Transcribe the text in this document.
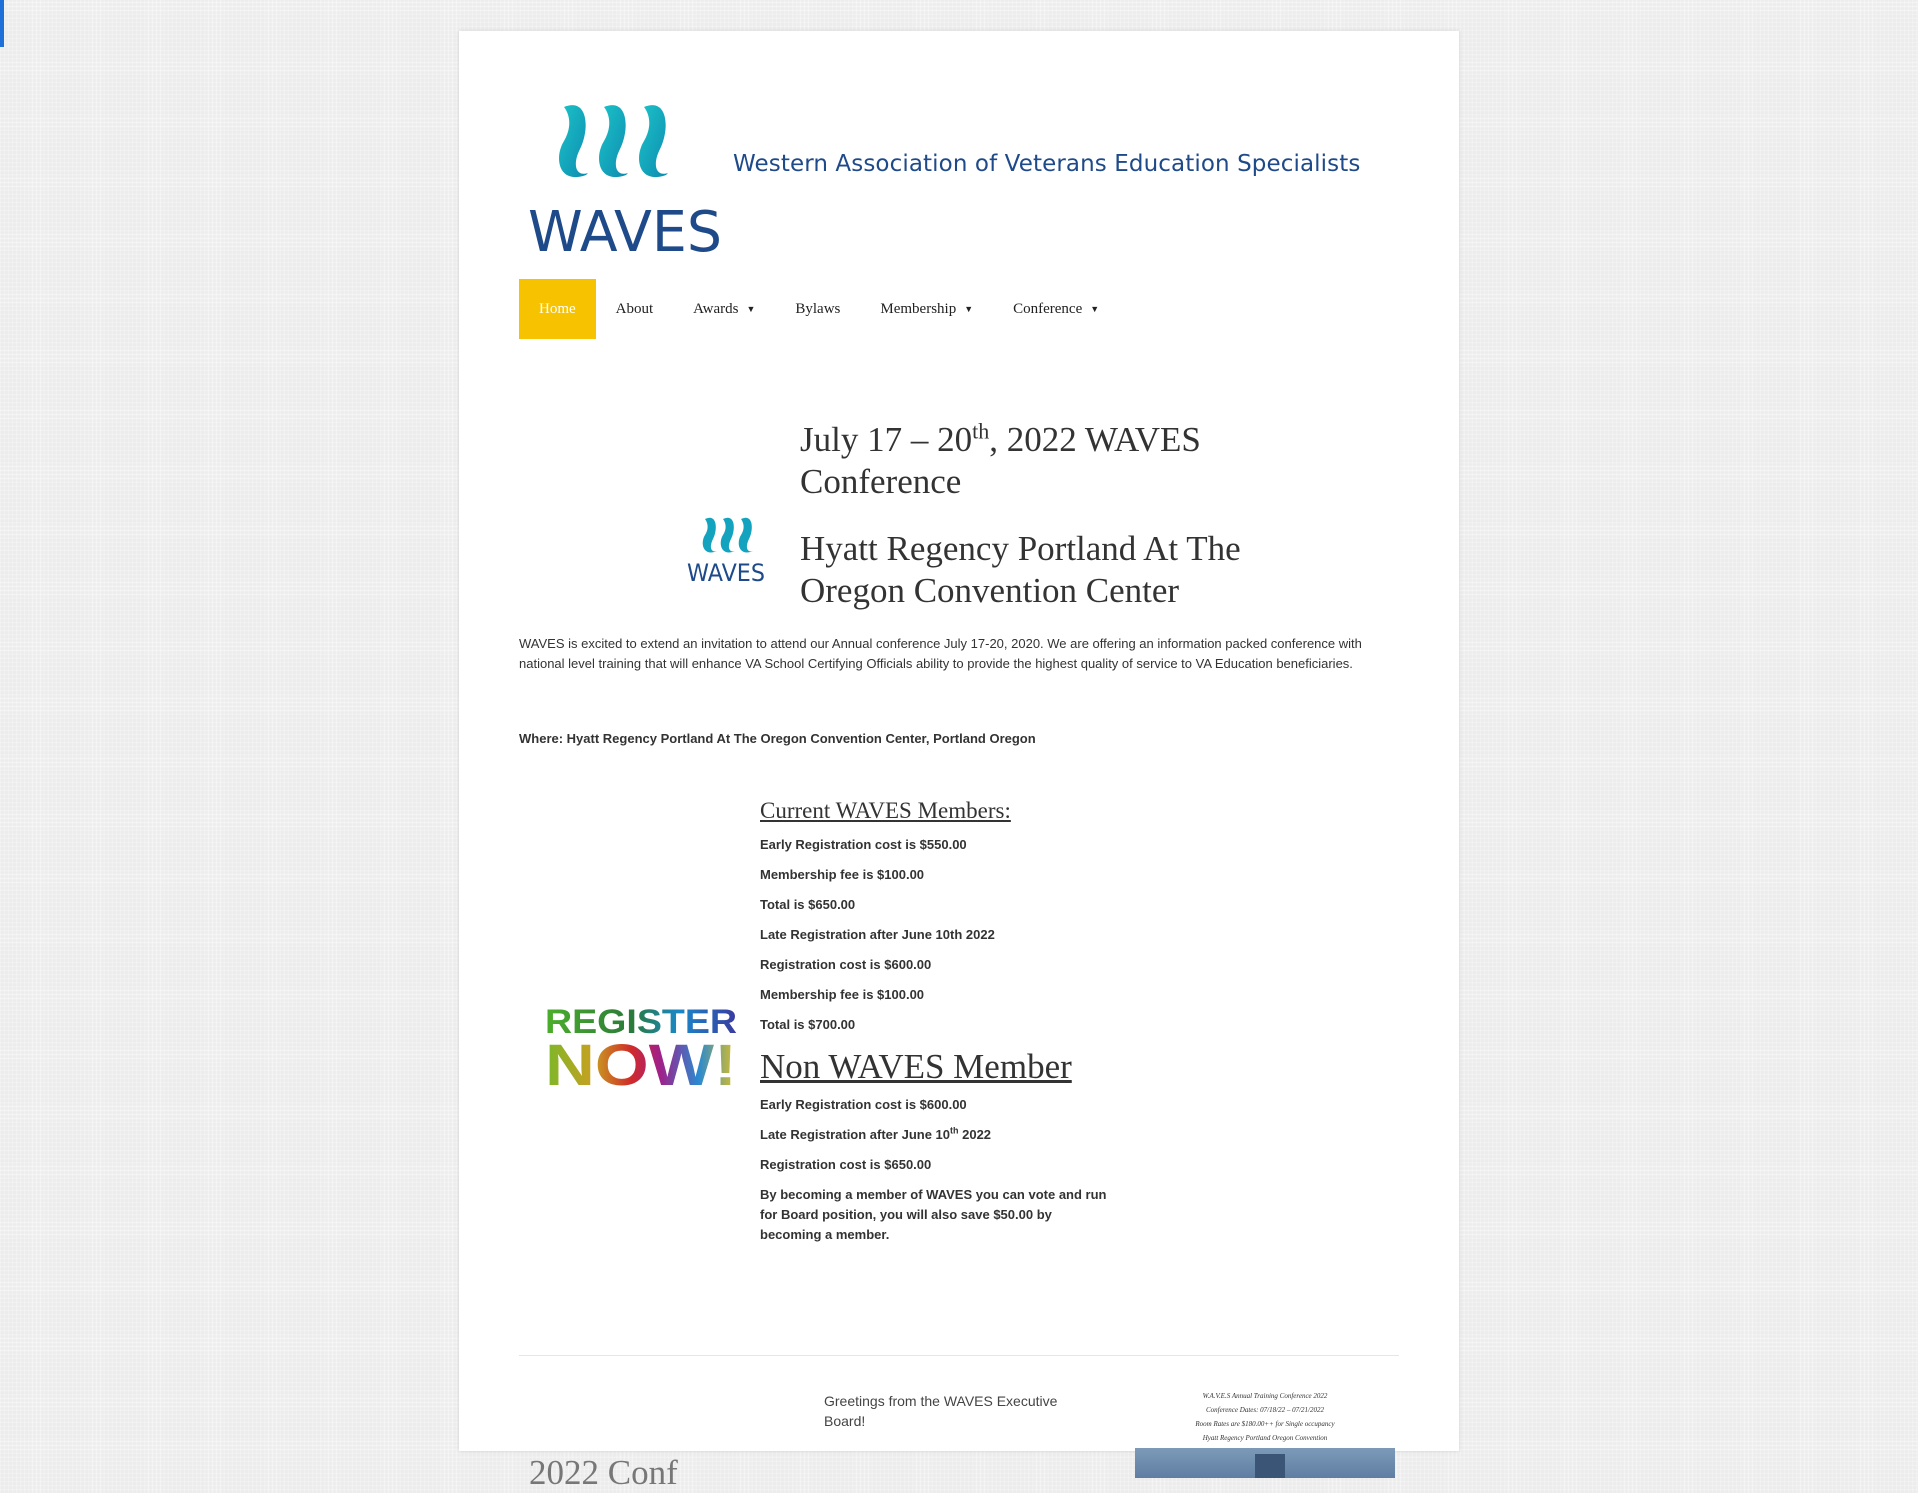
WAVES
Western Association of Veterans Education Specialists
Home	About	Awards ▼	Bylaws	Membership ▼	Conference ▼
WAVES
July 17 – 20th, 2022 WAVES Conference
Hyatt Regency Portland At The Oregon Convention Center

WAVES is excited to extend an invitation to attend our Annual conference July 17-20, 2020. We are offering an information packed conference with national level training that will enhance VA School Certifying Officials ability to provide the highest quality of service to VA Education beneficiaries.

Where: Hyatt Regency Portland At The Oregon Convention Center, Portland Oregon

REGISTER
NOW!
Current WAVES Members:

Early Registration cost is $550.00

Membership fee is $100.00

Total is $650.00

Late Registration after June 10th 2022

Registration cost is $600.00

Membership fee is $100.00

Total is $700.00

Non WAVES Member

Early Registration cost is $600.00

Late Registration after June 10th 2022

Registration cost is $650.00

By becoming a member of WAVES you can vote and run for Board position, you will also save $50.00 by becoming a member.

Greetings from the WAVES Executive Board!

W.A.V.E.S Annual Training Conference 2022

Conference Dates: 07/18/22 – 07/21/2022

Room Rates are $180.00++ for Single occupancy

Hyatt Regency Portland Oregon Convention

2022 Conf
